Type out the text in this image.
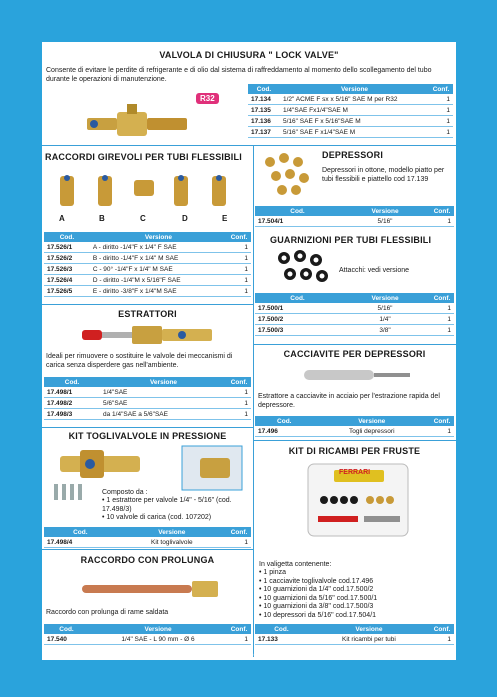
VALVOLA DI CHIUSURA " LOCK VALVE"
Consente di evitare le perdite di refrigerante e di olio dal sistema di raffreddamento al momento dello scollegamento del tubo durante le operazioni di manutenzione.
R32
Cod.	Versione	Conf.
17.134	1/2" ACME F sx x 5/16" SAE M per R32	1
17.135	1/4"SAE Fx1/4"SAE M	1
17.136	5/16" SAE F x 5/16"SAE M	1
17.137	5/16" SAE F x1/4"SAE M	1
RACCORDI GIREVOLI PER TUBI FLESSIBILI
A	B	C	D	E
Cod.	Versione	Conf.
17.526/1	A - diritto -1/4"F x 1/4" F SAE	1
17.526/2	B - diritto -1/4"F x 1/4" M SAE	1
17.526/3	C - 90° -1/4"F x 1/4" M SAE	1
17.526/4	D - diritto -1/4"M x 5/16"F SAE	1
17.526/5	E - diritto -3/8"F x 1/4"M SAE	1
DEPRESSORI
Depressori in ottone, modello piatto per tubi flessibili e piattello cod 17.139
Cod.	Versione	Conf.
17.504/1	5/16"	1
GUARNIZIONI PER TUBI FLESSIBILI
Attacchi: vedi versione
Cod.	Versione	Conf.
17.500/1	5/16"	1
17.500/2	1/4"	1
17.500/3	3/8"	1
ESTRATTORI
Ideali per rimuovere o sostituire le valvole dei meccanismi di carica senza disperdere gas nell'ambiente.
Cod.	Versione	Conf.
17.498/1	1/4"SAE	1
17.498/2	5/6"SAE	1
17.498/3	da 1/4"SAE a 5/6"SAE	1
CACCIAVITE PER DEPRESSORI
Estrattore a cacciavite in acciaio per l'estrazione rapida del depressore.
Cod.	Versione	Conf.
17.496	Togli depressori	1
KIT TOGLIVALVOLE IN PRESSIONE
Composto da :
• 1 estrattore per valvole 1/4" - 5/16" (cod. 17.498/3)
• 10 valvole di carica (cod. 107202)
Cod.	Versione	Conf.
17.498/4	Kit toglivalvole	1
KIT DI RICAMBI PER FRUSTE
FERRARI
In valigetta contenente:
• 1 pinza
• 1 cacciavite toglivalvole cod.17.496
• 10 guarnizioni da 1/4" cod.17.500/2
• 10 guarnizioni da 5/16" cod.17.500/1
• 10 guarnizioni da 3/8" cod.17.500/3
• 10 depressori da 5/16" cod.17.504/1
Cod.	Versione	Conf.
17.133	Kit ricambi per tubi	1
RACCORDO CON PROLUNGA
Raccordo con prolunga di rame saldata
Cod.	Versione	Conf.
17.540	1/4" SAE - L 90 mm - Ø 6	1
15
